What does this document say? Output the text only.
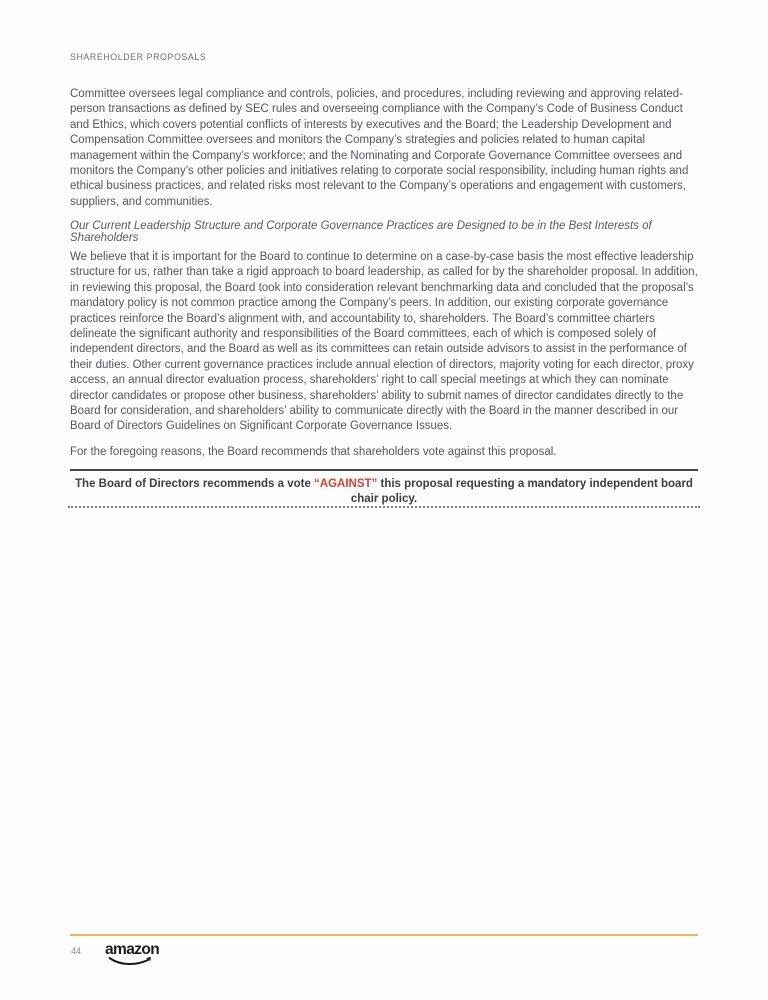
SHAREHOLDER PROPOSALS
Committee oversees legal compliance and controls, policies, and procedures, including reviewing and approving related-person transactions as defined by SEC rules and overseeing compliance with the Company’s Code of Business Conduct and Ethics, which covers potential conflicts of interests by executives and the Board; the Leadership Development and Compensation Committee oversees and monitors the Company’s strategies and policies related to human capital management within the Company’s workforce; and the Nominating and Corporate Governance Committee oversees and monitors the Company’s other policies and initiatives relating to corporate social responsibility, including human rights and ethical business practices, and related risks most relevant to the Company’s operations and engagement with customers, suppliers, and communities.
Our Current Leadership Structure and Corporate Governance Practices are Designed to be in the Best Interests of Shareholders
We believe that it is important for the Board to continue to determine on a case-by-case basis the most effective leadership structure for us, rather than take a rigid approach to board leadership, as called for by the shareholder proposal. In addition, in reviewing this proposal, the Board took into consideration relevant benchmarking data and concluded that the proposal’s mandatory policy is not common practice among the Company’s peers. In addition, our existing corporate governance practices reinforce the Board’s alignment with, and accountability to, shareholders. The Board’s committee charters delineate the significant authority and responsibilities of the Board committees, each of which is composed solely of independent directors, and the Board as well as its committees can retain outside advisors to assist in the performance of their duties. Other current governance practices include annual election of directors, majority voting for each director, proxy access, an annual director evaluation process, shareholders’ right to call special meetings at which they can nominate director candidates or propose other business, shareholders’ ability to submit names of director candidates directly to the Board for consideration, and shareholders’ ability to communicate directly with the Board in the manner described in our Board of Directors Guidelines on Significant Corporate Governance Issues.
For the foregoing reasons, the Board recommends that shareholders vote against this proposal.
The Board of Directors recommends a vote “AGAINST” this proposal requesting a mandatory independent board chair policy.
44 amazon
